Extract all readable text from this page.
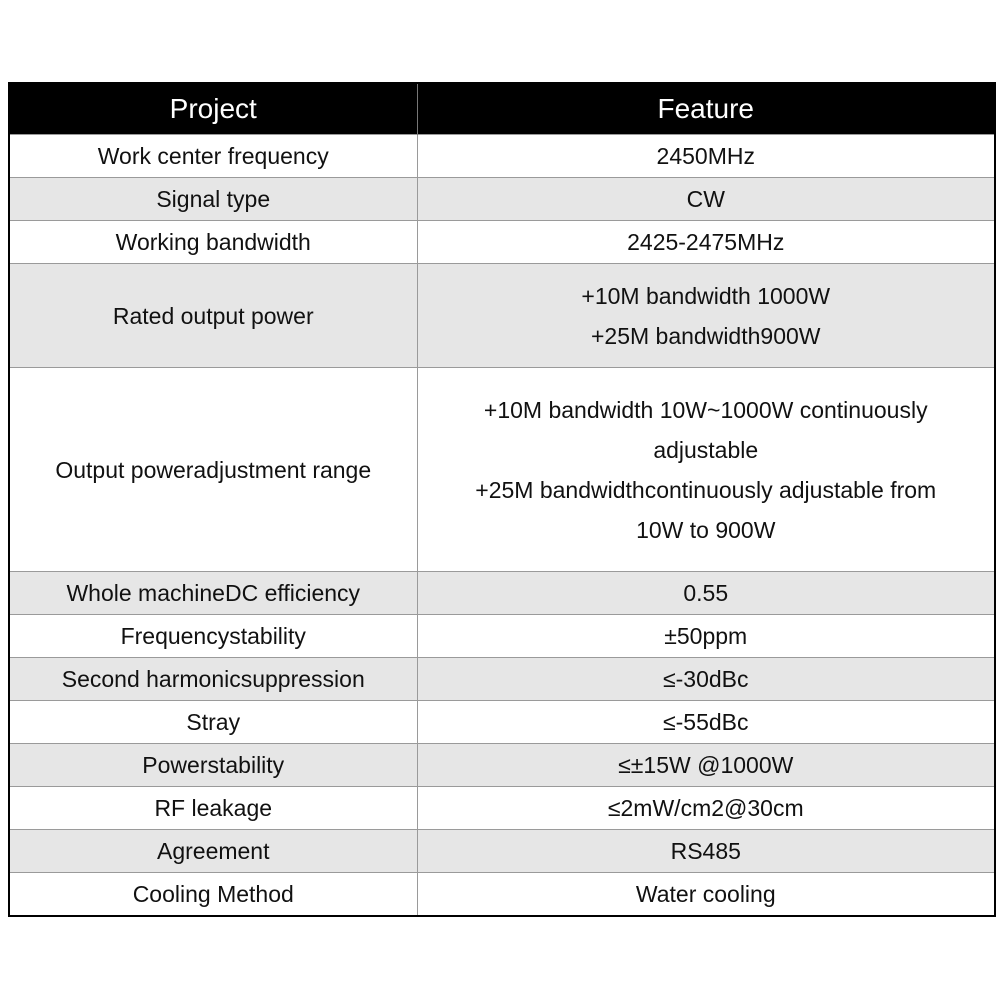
Project	Feature
Work center frequency	2450MHz
Signal type	CW
Working bandwidth	2425-2475MHz
Rated output power	+10M bandwidth 1000W
+25M bandwidth900W

Output poweradjustment range	+10M bandwidth 10W~1000W continuously
adjustable
+25M bandwidthcontinuously adjustable from
10W to 900W

Whole machineDC efficiency	0.55
Frequencystability	±50ppm
Second harmonicsuppression	≤-30dBc
Stray	≤-55dBc
Powerstability	≤±15W @1000W
RF leakage	≤2mW/cm2@30cm
Agreement	RS485
Cooling Method	Water cooling
